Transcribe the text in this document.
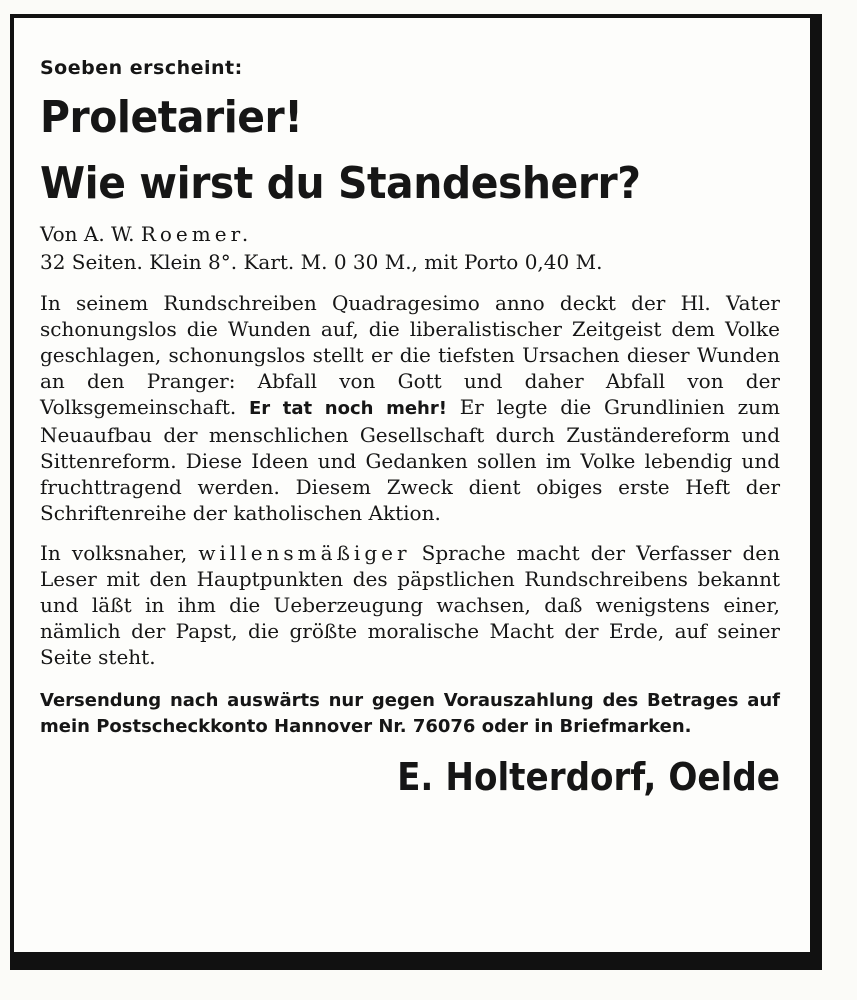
Soeben erscheint:

Proletarier!
Wie wirst du Standesherr?

Von A. W. Roemer.

32 Seiten. Klein 8°. Kart. M. 0 30 M., mit Porto 0,40 M.

In seinem Rundschreiben Quadragesimo anno deckt der Hl. Vater schonungslos die Wunden auf, die liberalistischer Zeitgeist dem Volke geschlagen, schonungslos stellt er die tiefsten Ursachen dieser Wunden an den Pranger: Abfall von Gott und daher Abfall von der Volksgemeinschaft. Er tat noch mehr! Er legte die Grundlinien zum Neuaufbau der menschlichen Gesellschaft durch Zuständereform und Sittenreform. Diese Ideen und Gedanken sollen im Volke lebendig und fruchttragend werden. Diesem Zweck dient obiges erste Heft der Schriftenreihe der katholischen Aktion.

In volksnaher, willensmäßiger Sprache macht der Verfasser den Leser mit den Hauptpunkten des päpstlichen Rundschreibens bekannt und läßt in ihm die Ueberzeugung wachsen, daß wenigstens einer, nämlich der Papst, die größte moralische Macht der Erde, auf seiner Seite steht.

Versendung nach auswärts nur gegen Vorauszahlung des Betrages auf mein Postscheckkonto Hannover Nr. 76076 oder in Briefmarken.

E. Holterdorf, Oelde
